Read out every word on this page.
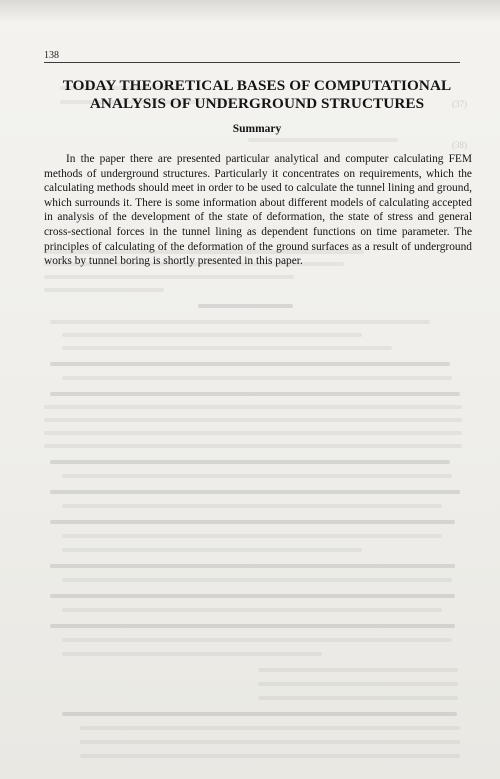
(37)
(38)
138
TODAY THEORETICAL BASES OF COMPUTATIONAL
ANALYSIS OF UNDERGROUND STRUCTURES
Summary

In the paper there are presented particular analytical and computer calculating FEM methods of underground structures. Particularly it concentrates on requirements, which the calculating methods should meet in order to be used to calculate the tunnel lining and ground, which surrounds it. There is some information about different models of calculating accepted in analysis of the development of the state of deformation, the state of stress and general cross-sectional forces in the tunnel lining as dependent functions on time parameter. The principles of calculating of the deformation of the ground surfaces as a result of underground works by tunnel boring is shortly presented in this paper.
